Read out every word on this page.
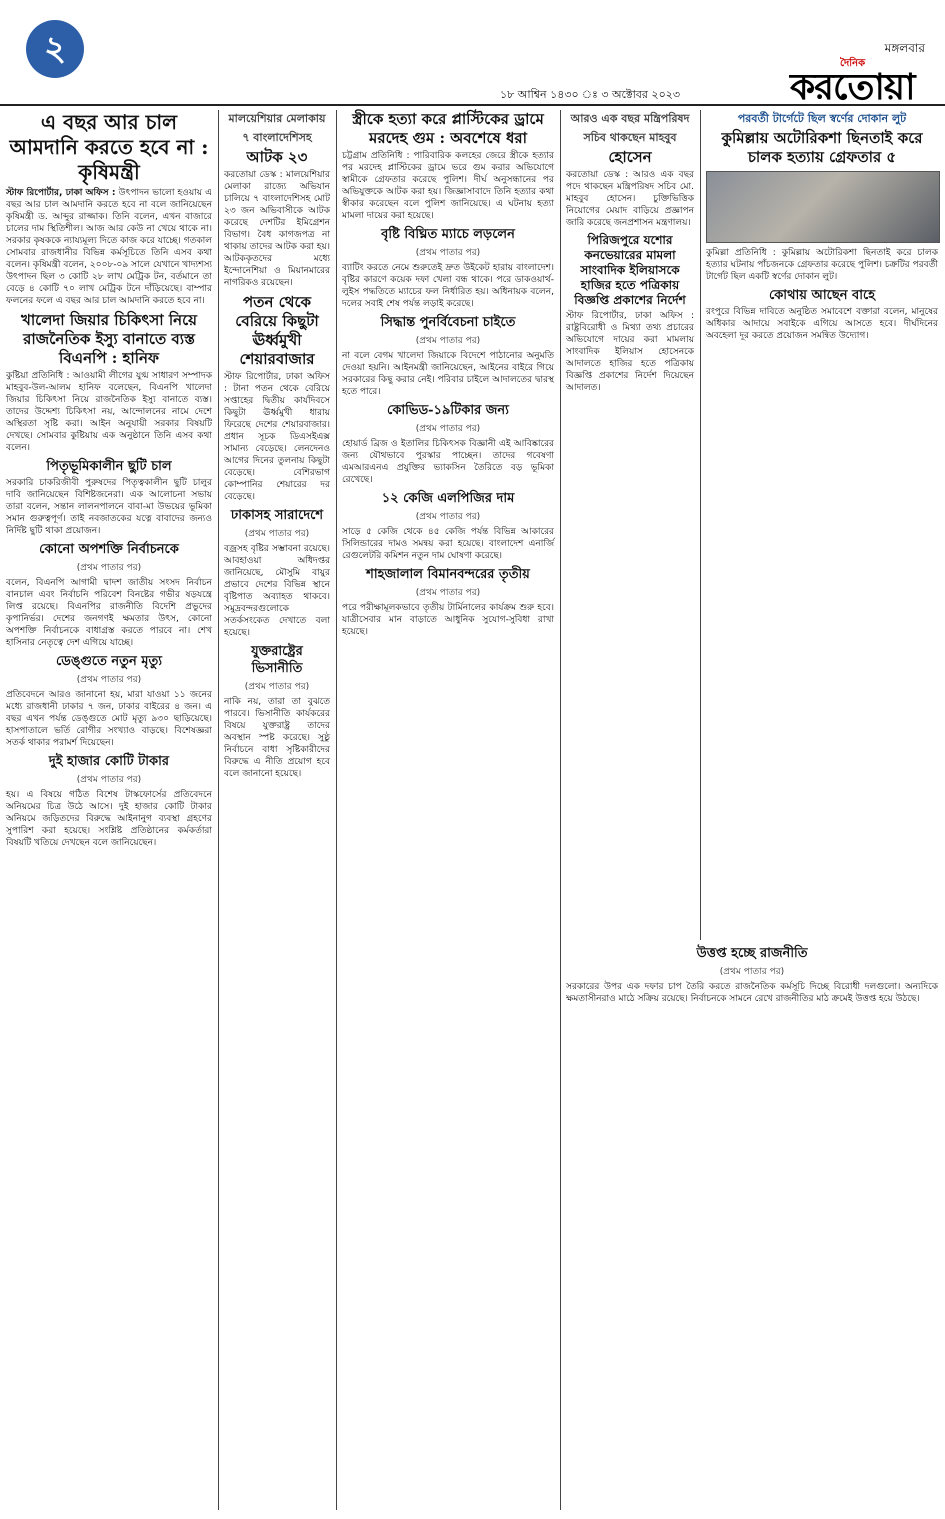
২	মঙ্গলবার
দৈনিক
করতোয়া
১৮ আশ্বিন ১৪৩০ ঃ ৩ অক্টোবর ২০২৩
এ বছর আর চাল আমদানি করতে হবে না : কৃষিমন্ত্রী
স্টাফ রিপোর্টার, ঢাকা অফিস : উৎপাদন ভালো হওয়ায় এ বছর আর চাল আমদানি করতে হবে না বলে জানিয়েছেন কৃষিমন্ত্রী ড. আব্দুর রাজ্জাক। তিনি বলেন, এখন বাজারে চালের দাম স্থিতিশীল। আজ আর কেউ না খেয়ে থাকে না। সরকার কৃষককে ন্যায্যমূল্য দিতে কাজ করে যাচ্ছে। গতকাল সোমবার রাজধানীর বিভিন্ন কর্মসূচিতে তিনি এসব কথা বলেন। কৃষিমন্ত্রী বলেন, ২০০৮-০৯ সালে যেখানে খাদ্যশস্য উৎপাদন ছিল ৩ কোটি ২৮ লাখ মেট্রিক টন, বর্তমানে তা বেড়ে ৪ কোটি ৭০ লাখ মেট্রিক টনে দাঁড়িয়েছে। বাম্পার ফলনের ফলে এ বছর আর চাল আমদানি করতে হবে না।
খালেদা জিয়ার চিকিৎসা নিয়ে রাজনৈতিক ইস্যু বানাতে ব্যস্ত বিএনপি : হানিফ
কুষ্টিয়া প্রতিনিধি : আওয়ামী লীগের যুগ্ম সাধারণ সম্পাদক মাহবুব-উল-আলম হানিফ বলেছেন, বিএনপি খালেদা জিয়ার চিকিৎসা নিয়ে রাজনৈতিক ইস্যু বানাতে ব্যস্ত। তাদের উদ্দেশ্য চিকিৎসা নয়, আন্দোলনের নামে দেশে অস্থিরতা সৃষ্টি করা। আইন অনুযায়ী সরকার বিষয়টি দেখছে। সোমবার কুষ্টিয়ায় এক অনুষ্ঠানে তিনি এসব কথা বলেন।
পিতৃভূমিকালীন ছুটি চাল
সরকারি চাকরিজীবী পুরুষদের পিতৃত্বকালীন ছুটি চালুর দাবি জানিয়েছেন বিশিষ্টজনেরা। এক আলোচনা সভায় তারা বলেন, সন্তান লালনপালনে বাবা-মা উভয়ের ভূমিকা সমান গুরুত্বপূর্ণ। তাই নবজাতকের যত্নে বাবাদের জন্যও নির্দিষ্ট ছুটি থাকা প্রয়োজন।
কোনো অপশক্তি নির্বাচনকে
(প্রথম পাতার পর)
বলেন, বিএনপি আগামী দ্বাদশ জাতীয় সংসদ নির্বাচন বানচাল এবং নির্বাচনি পরিবেশ বিনষ্টের গভীর ষড়যন্ত্রে লিপ্ত রয়েছে। বিএনপির রাজনীতি বিদেশি প্রভুদের কৃপানির্ভর। দেশের জনগণই ক্ষমতার উৎস, কোনো অপশক্তি নির্বাচনকে বাধাগ্রস্ত করতে পারবে না। শেখ হাসিনার নেতৃত্বে দেশ এগিয়ে যাচ্ছে।
ডেঙ্গুতে নতুন মৃত্যু
(প্রথম পাতার পর)
প্রতিবেদনে আরও জানানো হয়, মারা যাওয়া ১১ জনের মধ্যে রাজধানী ঢাকার ৭ জন, ঢাকার বাইরের ৪ জন। এ বছর এখন পর্যন্ত ডেঙ্গুতে মোট মৃত্যু ৯৩০ ছাড়িয়েছে। হাসপাতালে ভর্তি রোগীর সংখ্যাও বাড়ছে। বিশেষজ্ঞরা সতর্ক থাকার পরামর্শ দিয়েছেন।
দুই হাজার কোটি টাকার
(প্রথম পাতার পর)
হয়। এ বিষয়ে গঠিত বিশেষ টাস্কফোর্সের প্রতিবেদনে অনিয়মের চিত্র উঠে আসে। দুই হাজার কোটি টাকার অনিয়মে জড়িতদের বিরুদ্ধে আইনানুগ ব্যবস্থা গ্রহণের সুপারিশ করা হয়েছে। সংশ্লিষ্ট প্রতিষ্ঠানের কর্মকর্তারা বিষয়টি খতিয়ে দেখছেন বলে জানিয়েছেন।
মালয়েশিয়ার মেলাকায় ৭ বাংলাদেশিসহ
আটক ২৩
করতোয়া ডেস্ক : মালয়েশিয়ার মেলাকা রাজ্যে অভিযান চালিয়ে ৭ বাংলাদেশিসহ মোট ২৩ জন অভিবাসীকে আটক করেছে দেশটির ইমিগ্রেশন বিভাগ। বৈধ কাগজপত্র না থাকায় তাদের আটক করা হয়। আটককৃতদের মধ্যে ইন্দোনেশিয়া ও মিয়ানমারের নাগরিকও রয়েছেন।
পতন থেকে বেরিয়ে কিছুটা ঊর্ধ্বমুখী শেয়ারবাজার
স্টাফ রিপোর্টার, ঢাকা অফিস : টানা পতন থেকে বেরিয়ে সপ্তাহের দ্বিতীয় কার্যদিবসে কিছুটা ঊর্ধ্বমুখী ধারায় ফিরেছে দেশের শেয়ারবাজার। প্রধান সূচক ডিএসইএক্স সামান্য বেড়েছে। লেনদেনও আগের দিনের তুলনায় কিছুটা বেড়েছে। বেশিরভাগ কোম্পানির শেয়ারের দর বেড়েছে।
ঢাকাসহ সারাদেশে
(প্রথম পাতার পর)
বজ্রসহ বৃষ্টির সম্ভাবনা রয়েছে। আবহাওয়া অধিদপ্তর জানিয়েছে, মৌসুমি বায়ুর প্রভাবে দেশের বিভিন্ন স্থানে বৃষ্টিপাত অব্যাহত থাকবে। সমুদ্রবন্দরগুলোকে সতর্কসংকেত দেখাতে বলা হয়েছে।
যুক্তরাষ্ট্রের ভিসানীতি
(প্রথম পাতার পর)
নাকি নয়, তারা তা বুঝতে পারবে। ভিসানীতি কার্যকরের বিষয়ে যুক্তরাষ্ট্র তাদের অবস্থান স্পষ্ট করেছে। সুষ্ঠু নির্বাচনে বাধা সৃষ্টিকারীদের বিরুদ্ধে এ নীতি প্রয়োগ হবে বলে জানানো হয়েছে।
স্ত্রীকে হত্যা করে প্লাস্টিকের ড্রামে মরদেহ গুম : অবশেষে ধরা
চট্টগ্রাম প্রতিনিধি : পারিবারিক কলহের জেরে স্ত্রীকে হত্যার পর মরদেহ প্লাস্টিকের ড্রামে ভরে গুম করার অভিযোগে স্বামীকে গ্রেফতার করেছে পুলিশ। দীর্ঘ অনুসন্ধানের পর অভিযুক্তকে আটক করা হয়। জিজ্ঞাসাবাদে তিনি হত্যার কথা স্বীকার করেছেন বলে পুলিশ জানিয়েছে। এ ঘটনায় হত্যা মামলা দায়ের করা হয়েছে।
বৃষ্টি বিঘ্নিত ম্যাচে লড়লেন
(প্রথম পাতার পর)
ব্যাটিং করতে নেমে শুরুতেই দ্রুত উইকেট হারায় বাংলাদেশ। বৃষ্টির কারণে কয়েক দফা খেলা বন্ধ থাকে। পরে ডাকওয়ার্থ-লুইস পদ্ধতিতে ম্যাচের ফল নির্ধারিত হয়। অধিনায়ক বলেন, দলের সবাই শেষ পর্যন্ত লড়াই করেছে।
সিদ্ধান্ত পুনর্বিবেচনা চাইতে
(প্রথম পাতার পর)
না বলে বেগম খালেদা জিয়াকে বিদেশে পাঠানোর অনুমতি দেওয়া হয়নি। আইনমন্ত্রী জানিয়েছেন, আইনের বাইরে গিয়ে সরকারের কিছু করার নেই। পরিবার চাইলে আদালতের দ্বারস্থ হতে পারে।
কোভিড-১৯টিকার জন্য
(প্রথম পাতার পর)
হোয়ার্ড ব্রিজ ও ইতালির চিকিৎসক বিজ্ঞানী এই আবিষ্কারের জন্য যৌথভাবে পুরস্কার পাচ্ছেন। তাদের গবেষণা এমআরএনএ প্রযুক্তির ভ্যাকসিন তৈরিতে বড় ভূমিকা রেখেছে।
১২ কেজি এলপিজির দাম
(প্রথম পাতার পর)
সাড়ে ৫ কেজি থেকে ৪৫ কেজি পর্যন্ত বিভিন্ন আকারের সিলিন্ডারের দামও সমন্বয় করা হয়েছে। বাংলাদেশ এনার্জি রেগুলেটরি কমিশন নতুন দাম ঘোষণা করেছে।
শাহজালাল বিমানবন্দরের তৃতীয়
(প্রথম পাতার পর)
পরে পরীক্ষামূলকভাবে তৃতীয় টার্মিনালের কার্যক্রম শুরু হবে। যাত্রীসেবার মান বাড়াতে আধুনিক সুযোগ-সুবিধা রাখা হয়েছে।
আরও এক বছর মন্ত্রিপরিষদ সচিব থাকছেন মাহবুব
হোসেন
করতোয়া ডেস্ক : আরও এক বছর পদে থাকছেন মন্ত্রিপরিষদ সচিব মো. মাহবুব হোসেন। চুক্তিভিত্তিক নিয়োগের মেয়াদ বাড়িয়ে প্রজ্ঞাপন জারি করেছে জনপ্রশাসন মন্ত্রণালয়।
পিরিজপুরে যশোর কনভেয়ারের মামলা সাংবাদিক ইলিয়াসকে হাজির হতে পত্রিকায় বিজ্ঞপ্তি প্রকাশের নির্দেশ
স্টাফ রিপোর্টার, ঢাকা অফিস : রাষ্ট্রবিরোধী ও মিথ্যা তথ্য প্রচারের অভিযোগে দায়ের করা মামলায় সাংবাদিক ইলিয়াস হোসেনকে আদালতে হাজির হতে পত্রিকায় বিজ্ঞপ্তি প্রকাশের নির্দেশ দিয়েছেন আদালত।
পরবর্তী টার্গেটে ছিল স্বর্ণের দোকান লুট
কুমিল্লায় অটোরিকশা ছিনতাই করে চালক হত্যায় গ্রেফতার ৫
কুমিল্লা প্রতিনিধি : কুমিল্লায় অটোরিকশা ছিনতাই করে চালক হত্যার ঘটনায় পাঁচজনকে গ্রেফতার করেছে পুলিশ। চক্রটির পরবর্তী টার্গেট ছিল একটি স্বর্ণের দোকান লুট।
কোথায় আছেন বাহে
রংপুরে বিভিন্ন দাবিতে অনুষ্ঠিত সমাবেশে বক্তারা বলেন, মানুষের অধিকার আদায়ে সবাইকে এগিয়ে আসতে হবে। দীর্ঘদিনের অবহেলা দূর করতে প্রয়োজন সমন্বিত উদ্যোগ।
উত্তপ্ত হচ্ছে রাজনীতি
(প্রথম পাতার পর)
সরকারের উপর এক দফার চাপ তৈরি করতে রাজনৈতিক কর্মসূচি দিচ্ছে বিরোধী দলগুলো। অন্যদিকে ক্ষমতাসীনরাও মাঠে সক্রিয় রয়েছে। নির্বাচনকে সামনে রেখে রাজনীতির মাঠ ক্রমেই উত্তপ্ত হয়ে উঠছে।
